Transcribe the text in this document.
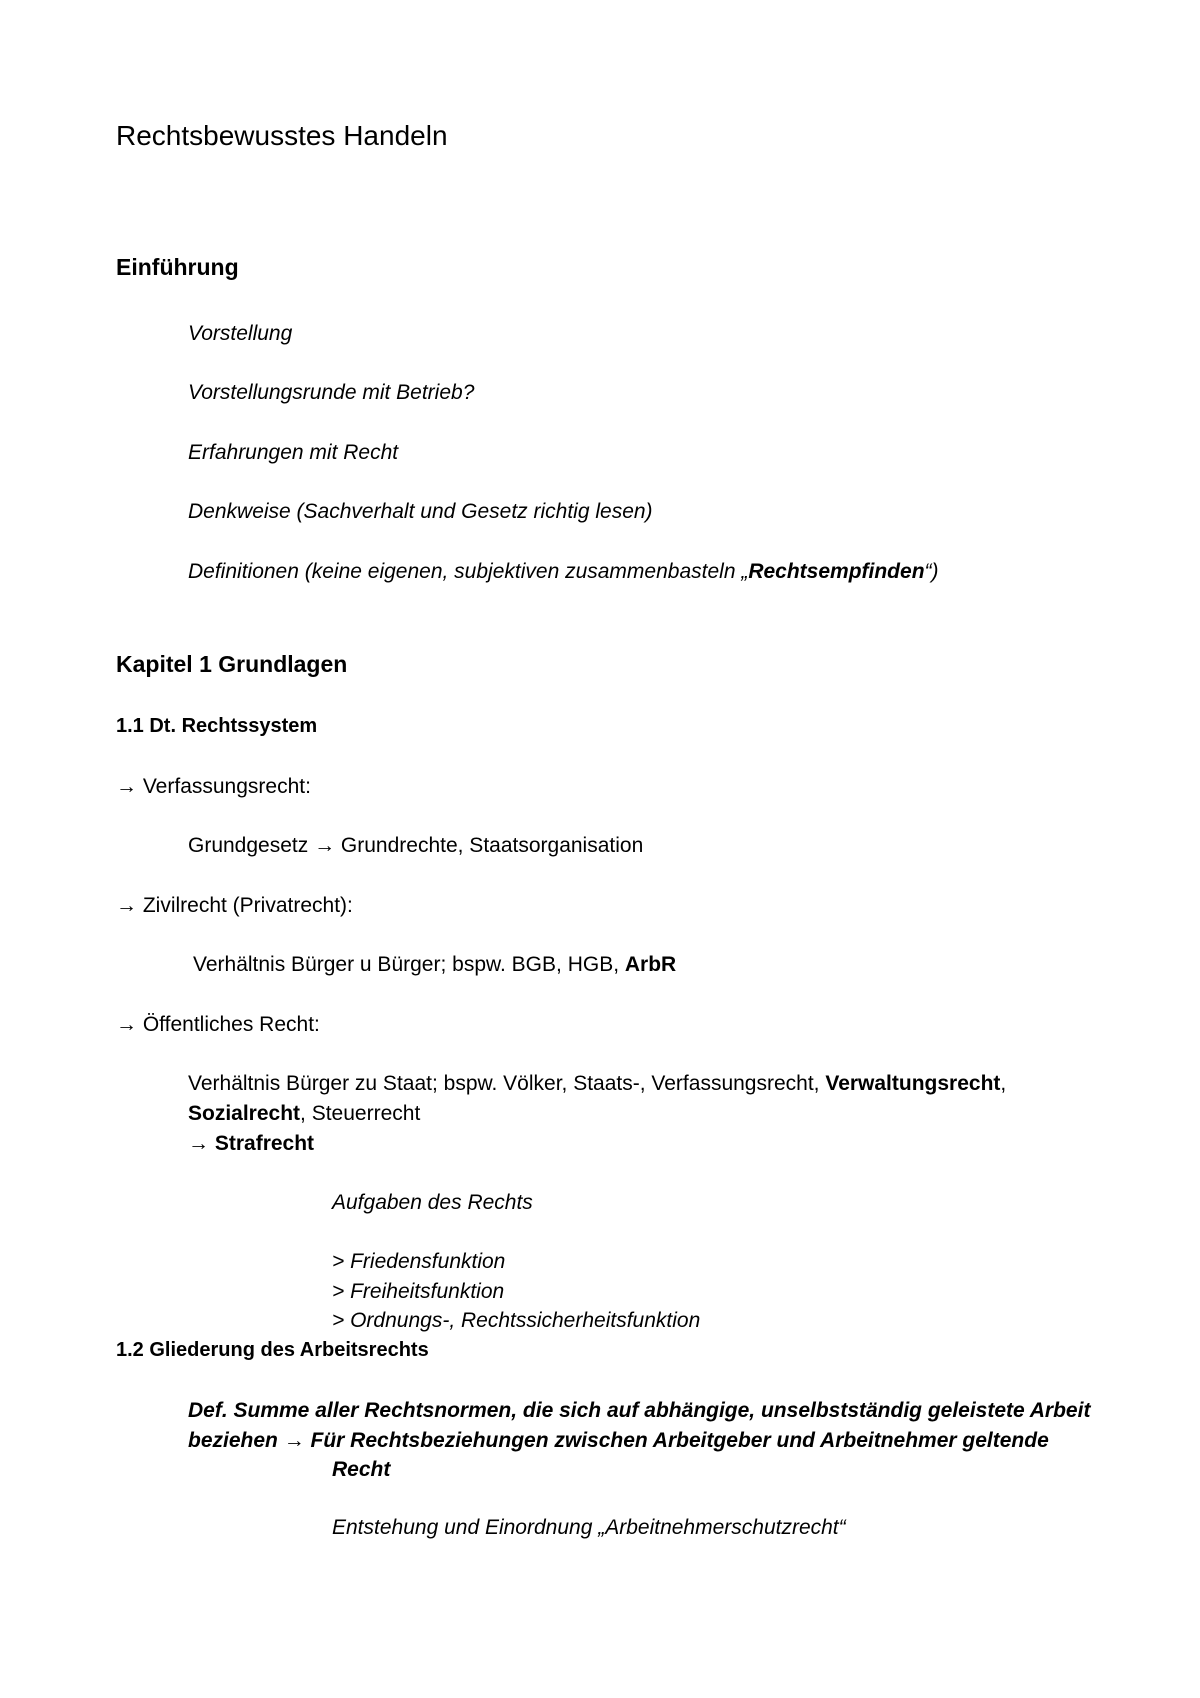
Rechtsbewusstes Handeln
Einführung
Vorstellung
Vorstellungsrunde mit Betrieb?
Erfahrungen mit Recht
Denkweise (Sachverhalt und Gesetz richtig lesen)
Definitionen (keine eigenen, subjektiven zusammenbasteln „Rechtsempfinden“)
Kapitel 1 Grundlagen
1.1 Dt. Rechtssystem
→ Verfassungsrecht:
Grundgesetz → Grundrechte, Staatsorganisation
→ Zivilrecht (Privatrecht):
Verhältnis Bürger u Bürger; bspw. BGB, HGB, ArbR
→ Öffentliches Recht:
Verhältnis Bürger zu Staat; bspw. Völker, Staats-, Verfassungsrecht, Verwaltungsrecht,
Sozialrecht, Steuerrecht
→ Strafrecht
Aufgaben des Rechts
> Friedensfunktion
> Freiheitsfunktion
> Ordnungs-, Rechtssicherheitsfunktion
1.2 Gliederung des Arbeitsrechts
Def. Summe aller Rechtsnormen, die sich auf abhängige, unselbstständig geleistete Arbeit
beziehen → Für Rechtsbeziehungen zwischen Arbeitgeber und Arbeitnehmer geltende
Recht
Entstehung und Einordnung „Arbeitnehmerschutzrecht“
